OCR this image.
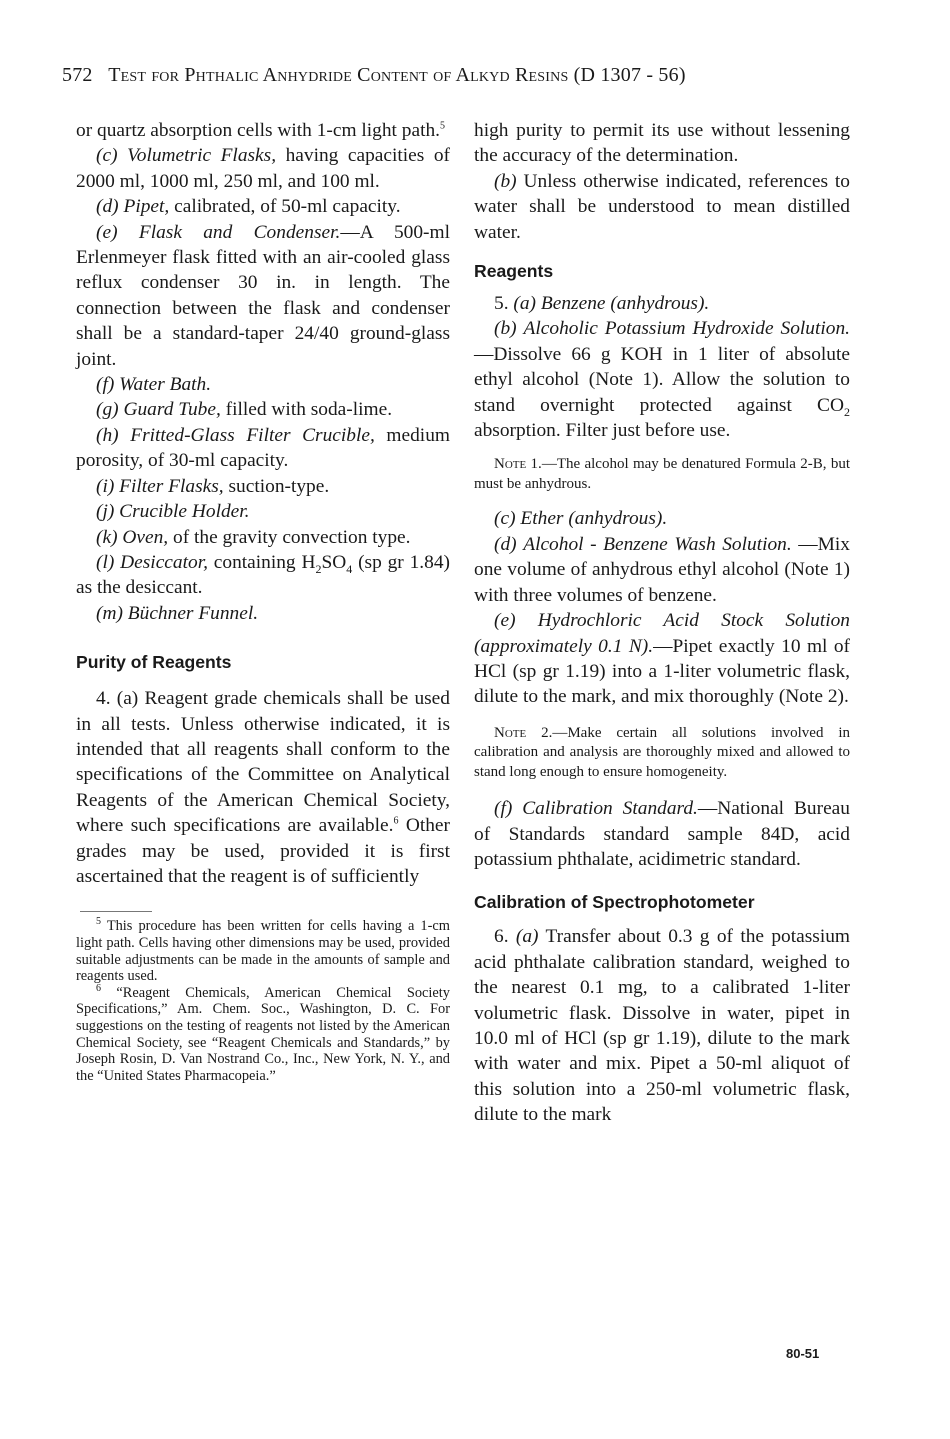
572 Test for Phthalic Anhydride Content of Alkyd Resins (D 1307 - 56)

or quartz absorption cells with 1-cm light path.$^5$

(c) Volumetric Flasks, having capacities of 2000 ml, 1000 ml, 250 ml, and 100 ml.

(d) Pipet, calibrated, of 50-ml capacity.

(e) Flask and Condenser.—A 500-ml Erlenmeyer flask fitted with an air-cooled glass reflux condenser 30 in. in length. The connection between the flask and condenser shall be a standard-taper 24/40 ground-glass joint.

(f) Water Bath.

(g) Guard Tube, filled with soda-lime.

(h) Fritted-Glass Filter Crucible, medium porosity, of 30-ml capacity.

(i) Filter Flasks, suction-type.

(j) Crucible Holder.

(k) Oven, of the gravity convection type.

(l) Desiccator, containing $H_2SO_4$ (sp gr 1.84) as the desiccant.

(m) Büchner Funnel.

Purity of Reagents

4. (a) Reagent grade chemicals shall be used in all tests. Unless otherwise indicated, it is intended that all reagents shall conform to the specifications of the Committee on Analytical Reagents of the American Chemical Society, where such specifications are available.$^6$ Other grades may be used, provided it is first ascertained that the reagent is of sufficiently

$^5$ This procedure has been written for cells having a 1-cm light path. Cells having other dimensions may be used, provided suitable adjustments can be made in the amounts of sample and reagents used.

$^6$ “Reagent Chemicals, American Chemical Society Specifications,” Am. Chem. Soc., Washington, D. C. For suggestions on the testing of reagents not listed by the American Chemical Society, see “Reagent Chemicals and Standards,” by Joseph Rosin, D. Van Nostrand Co., Inc., New York, N. Y., and the “United States Pharmacopeia.”

high purity to permit its use without lessening the accuracy of the determination.

(b) Unless otherwise indicated, references to water shall be understood to mean distilled water.

Reagents

5. (a) Benzene (anhydrous).

(b) Alcoholic Potassium Hydroxide Solution.—Dissolve 66 g KOH in 1 liter of absolute ethyl alcohol (Note 1). Allow the solution to stand overnight protected against $CO_2$ absorption. Filter just before use.

Note 1.—The alcohol may be denatured Formula 2-B, but must be anhydrous.

(c) Ether (anhydrous).

(d) Alcohol - Benzene Wash Solution. —Mix one volume of anhydrous ethyl alcohol (Note 1) with three volumes of benzene.

(e) Hydrochloric Acid Stock Solution (approximately 0.1 N).—Pipet exactly 10 ml of HCl (sp gr 1.19) into a 1-liter volumetric flask, dilute to the mark, and mix thoroughly (Note 2).

Note 2.—Make certain all solutions involved in calibration and analysis are thoroughly mixed and allowed to stand long enough to ensure homogeneity.

(f) Calibration Standard.—National Bureau of Standards standard sample 84D, acid potassium phthalate, acidimetric standard.

Calibration of Spectrophotometer

6. (a) Transfer about 0.3 g of the potassium acid phthalate calibration standard, weighed to the nearest 0.1 mg, to a calibrated 1-liter volumetric flask. Dissolve in water, pipet in 10.0 ml of HCl (sp gr 1.19), dilute to the mark with water and mix. Pipet a 50-ml aliquot of this solution into a 250-ml volumetric flask, dilute to the mark

80-51
